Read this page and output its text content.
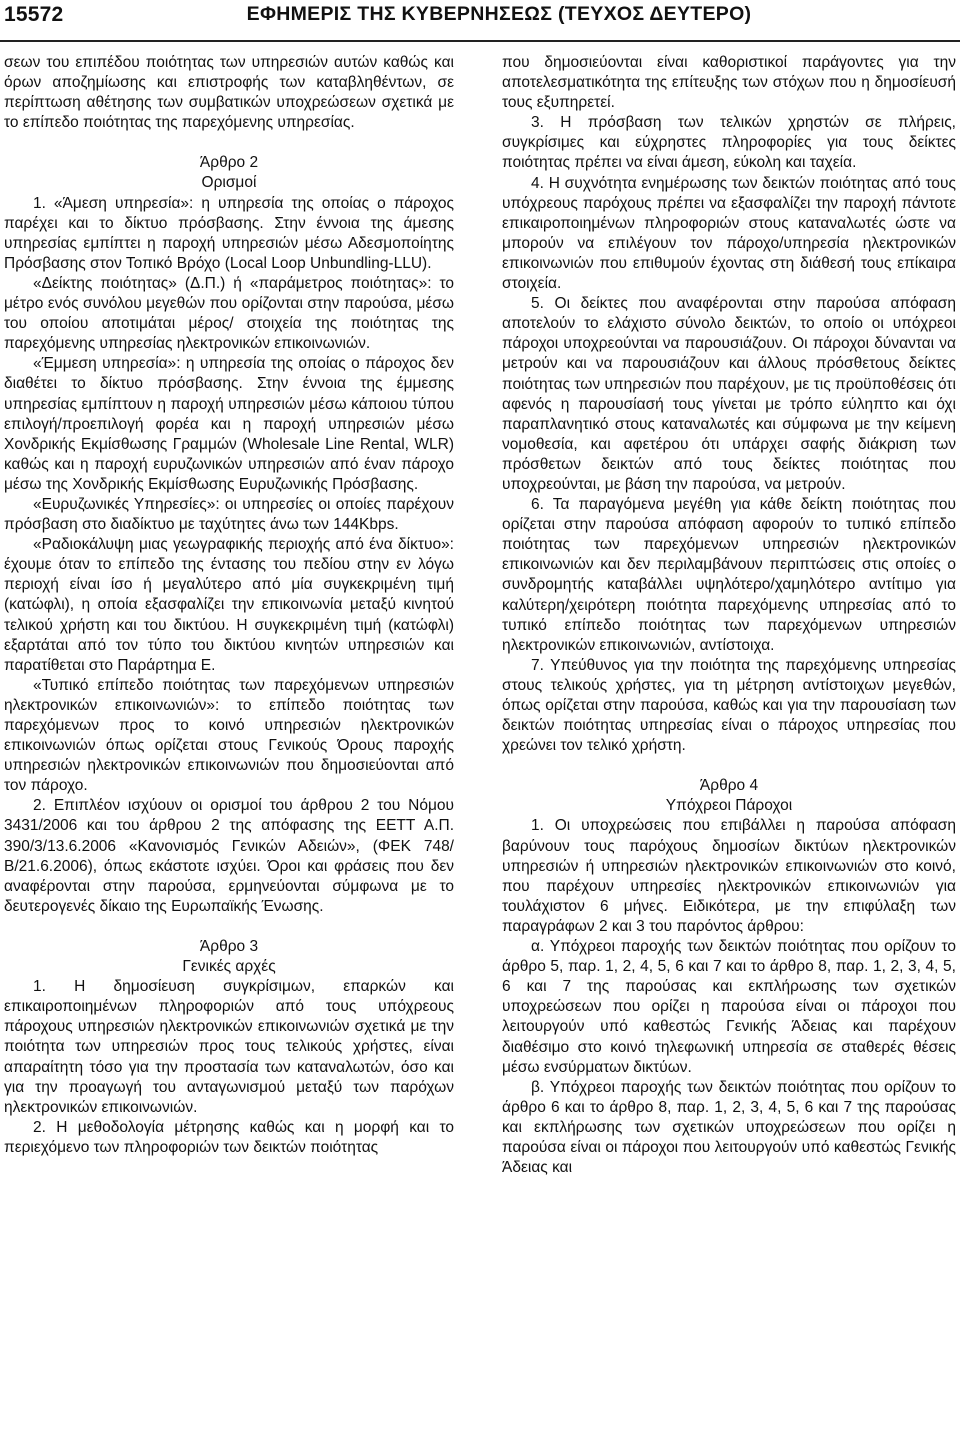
15572	ΕΦΗΜΕΡΙΣ ΤΗΣ ΚΥΒΕΡΝΗΣΕΩΣ (ΤΕΥΧΟΣ ΔΕΥΤΕΡΟ)

σεων του επιπέδου ποιότητας των υπηρεσιών αυτών καθώς και όρων αποζημίωσης και επιστροφής των καταβληθέντων, σε περίπτωση αθέτησης των συμβατικών υποχρεώσεων σχετικά με το επίπεδο ποιότητας της παρεχόμενης υπηρεσίας.

Άρθρο 2

Ορισμοί

1. «Άμεση υπηρεσία»: η υπηρεσία της οποίας ο πάροχος παρέχει και το δίκτυο πρόσβασης. Στην έννοια της άμεσης υπηρεσίας εμπίπτει η παροχή υπηρεσιών μέσω Αδεσμοποίητης Πρόσβασης στον Τοπικό Βρόχο (Local Loop Unbundling-LLU).

«Δείκτης ποιότητας» (Δ.Π.) ή «παράμετρος ποιότητας»: το μέτρο ενός συνόλου μεγεθών που ορίζονται στην παρούσα, μέσω του οποίου αποτιμάται μέρος/ στοιχεία της ποιότητας της παρεχόμενης υπηρεσίας ηλεκτρονικών επικοινωνιών.

«Έμμεση υπηρεσία»: η υπηρεσία της οποίας ο πάροχος δεν διαθέτει το δίκτυο πρόσβασης. Στην έννοια της έμμεσης υπηρεσίας εμπίπτουν η παροχή υπηρεσιών μέσω κάποιου τύπου επιλογή/προεπιλογή φορέα και η παροχή υπηρεσιών μέσω Χονδρικής Εκμίσθωσης Γραμμών (Wholesale Line Rental, WLR) καθώς και η παροχή ευρυζωνικών υπηρεσιών από έναν πάροχο μέσω της Χονδρικής Εκμίσθωσης Ευρυζωνικής Πρόσβασης.

«Ευρυζωνικές Υπηρεσίες»: οι υπηρεσίες οι οποίες παρέχουν πρόσβαση στο διαδίκτυο με ταχύτητες άνω των 144Kbps.

«Ραδιοκάλυψη μιας γεωγραφικής περιοχής από ένα δίκτυο»: έχουμε όταν το επίπεδο της έντασης του πεδίου στην εν λόγω περιοχή είναι ίσο ή μεγαλύτερο από μία συγκεκριμένη τιμή (κατώφλι), η οποία εξασφαλίζει την επικοινωνία μεταξύ κινητού τελικού χρήστη και του δικτύου. Η συγκεκριμένη τιμή (κατώφλι) εξαρτάται από τον τύπο του δικτύου κινητών υπηρεσιών και παρατίθεται στο Παράρτημα Ε.

«Τυπικό επίπεδο ποιότητας των παρεχόμενων υπηρεσιών ηλεκτρονικών επικοινωνιών»: το επίπεδο ποιότητας των παρεχόμενων προς το κοινό υπηρεσιών ηλεκτρονικών επικοινωνιών όπως ορίζεται στους Γενικούς Όρους παροχής υπηρεσιών ηλεκτρονικών επικοινωνιών που δημοσιεύονται από τον πάροχο.

2. Επιπλέον ισχύουν οι ορισμοί του άρθρου 2 του Νόμου 3431/2006 και του άρθρου 2 της απόφασης της ΕΕΤΤ Α.Π. 390/3/13.6.2006 «Κανονισμός Γενικών Αδειών», (ΦΕΚ 748/Β/21.6.2006), όπως εκάστοτε ισχύει. Όροι και φράσεις που δεν αναφέρονται στην παρούσα, ερμηνεύονται σύμφωνα με το δευτερογενές δίκαιο της Ευρωπαϊκής Ένωσης.

Άρθρο 3

Γενικές αρχές

1. Η δημοσίευση συγκρίσιμων, επαρκών και επικαιροποιημένων πληροφοριών από τους υπόχρεους πάροχους υπηρεσιών ηλεκτρονικών επικοινωνιών σχετικά με την ποιότητα των υπηρεσιών προς τους τελικούς χρήστες, είναι απαραίτητη τόσο για την προστασία των καταναλωτών, όσο και για την προαγωγή του ανταγωνισμού μεταξύ των παρόχων ηλεκτρονικών επικοινωνιών.

2. Η μεθοδολογία μέτρησης καθώς και η μορφή και το περιεχόμενο των πληροφοριών των δεικτών ποιότητας

που δημοσιεύονται είναι καθοριστικοί παράγοντες για την αποτελεσματικότητα της επίτευξης των στόχων που η δημοσίευσή τους εξυπηρετεί.

3. Η πρόσβαση των τελικών χρηστών σε πλήρεις, συγκρίσιμες και εύχρηστες πληροφορίες για τους δείκτες ποιότητας πρέπει να είναι άμεση, εύκολη και ταχεία.

4. Η συχνότητα ενημέρωσης των δεικτών ποιότητας από τους υπόχρεους παρόχους πρέπει να εξασφαλίζει την παροχή πάντοτε επικαιροποιημένων πληροφοριών στους καταναλωτές ώστε να μπορούν να επιλέγουν τον πάροχο/υπηρεσία ηλεκτρονικών επικοινωνιών που επιθυμούν έχοντας στη διάθεσή τους επίκαιρα στοιχεία.

5. Οι δείκτες που αναφέρονται στην παρούσα απόφαση αποτελούν το ελάχιστο σύνολο δεικτών, το οποίο οι υπόχρεοι πάροχοι υποχρεούνται να παρουσιάζουν. Οι πάροχοι δύνανται να μετρούν και να παρουσιάζουν και άλλους πρόσθετους δείκτες ποιότητας των υπηρεσιών που παρέχουν, με τις προϋποθέσεις ότι αφενός η παρουσίασή τους γίνεται με τρόπο εύληπτο και όχι παραπλανητικό στους καταναλωτές και σύμφωνα με την κείμενη νομοθεσία, και αφετέρου ότι υπάρχει σαφής διάκριση των πρόσθετων δεικτών από τους δείκτες ποιότητας που υποχρεούνται, με βάση την παρούσα, να μετρούν.

6. Τα παραγόμενα μεγέθη για κάθε δείκτη ποιότητας που ορίζεται στην παρούσα απόφαση αφορούν το τυπικό επίπεδο ποιότητας των παρεχόμενων υπηρεσιών ηλεκτρονικών επικοινωνιών και δεν περιλαμβάνουν περιπτώσεις στις οποίες ο συνδρομητής καταβάλλει υψηλότερο/χαμηλότερο αντίτιμο για καλύτερη/χειρότερη ποιότητα παρεχόμενης υπηρεσίας από το τυπικό επίπεδο ποιότητας των παρεχόμενων υπηρεσιών ηλεκτρονικών επικοινωνιών, αντίστοιχα.

7. Υπεύθυνος για την ποιότητα της παρεχόμενης υπηρεσίας στους τελικούς χρήστες, για τη μέτρηση αντίστοιχων μεγεθών, όπως ορίζεται στην παρούσα, καθώς και για την παρουσίαση των δεικτών ποιότητας υπηρεσίας είναι ο πάροχος υπηρεσίας που χρεώνει τον τελικό χρήστη.

Άρθρο 4

Υπόχρεοι Πάροχοι

1. Οι υποχρεώσεις που επιβάλλει η παρούσα απόφαση βαρύνουν τους παρόχους δημοσίων δικτύων ηλεκτρονικών υπηρεσιών ή υπηρεσιών ηλεκτρονικών επικοινωνιών στο κοινό, που παρέχουν υπηρεσίες ηλεκτρονικών επικοινωνιών για τουλάχιστον 6 μήνες. Ειδικότερα, με την επιφύλαξη των παραγράφων 2 και 3 του παρόντος άρθρου:

α. Υπόχρεοι παροχής των δεικτών ποιότητας που ορίζουν το άρθρο 5, παρ. 1, 2, 4, 5, 6 και 7 και το άρθρο 8, παρ. 1, 2, 3, 4, 5, 6 και 7 της παρούσας και εκπλήρωσης των σχετικών υποχρεώσεων που ορίζει η παρούσα είναι οι πάροχοι που λειτουργούν υπό καθεστώς Γενικής Άδειας και παρέχουν διαθέσιμο στο κοινό τηλεφωνική υπηρεσία σε σταθερές θέσεις μέσω ενσύρματων δικτύων.

β. Υπόχρεοι παροχής των δεικτών ποιότητας που ορίζουν το άρθρο 6 και το άρθρο 8, παρ. 1, 2, 3, 4, 5, 6 και 7 της παρούσας και εκπλήρωσης των σχετικών υποχρεώσεων που ορίζει η παρούσα είναι οι πάροχοι που λειτουργούν υπό καθεστώς Γενικής Άδειας και
